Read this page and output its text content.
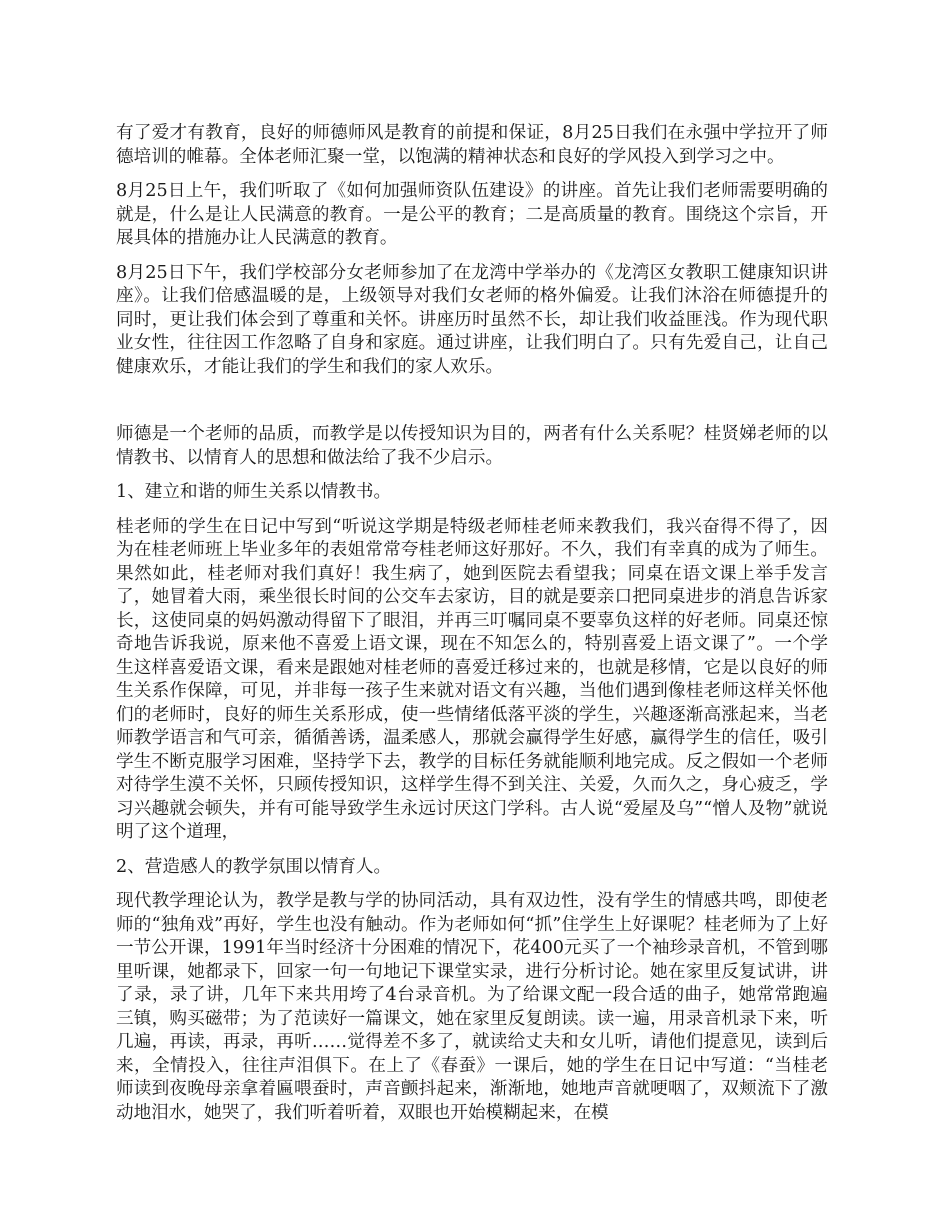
有了爱才有教育，良好的师德师风是教育的前提和保证，8月25日我们在永强中学拉开了师德培训的帷幕。全体老师汇聚一堂，以饱满的精神状态和良好的学风投入到学习之中。

8月25日上午，我们听取了《如何加强师资队伍建设》的讲座。首先让我们老师需要明确的就是，什么是让人民满意的教育。一是公平的教育；二是高质量的教育。围绕这个宗旨，开展具体的措施办让人民满意的教育。

8月25日下午，我们学校部分女老师参加了在龙湾中学举办的《龙湾区女教职工健康知识讲座》。让我们倍感温暖的是，上级领导对我们女老师的格外偏爱。让我们沐浴在师德提升的同时，更让我们体会到了尊重和关怀。讲座历时虽然不长，却让我们收益匪浅。作为现代职业女性，往往因工作忽略了自身和家庭。通过讲座，让我们明白了。只有先爱自己，让自己健康欢乐，才能让我们的学生和我们的家人欢乐。

师德是一个老师的品质，而教学是以传授知识为目的，两者有什么关系呢？桂贤娣老师的以情教书、以情育人的思想和做法给了我不少启示。

1、建立和谐的师生关系以情教书。

桂老师的学生在日记中写到“听说这学期是特级老师桂老师来教我们，我兴奋得不得了，因为在桂老师班上毕业多年的表姐常常夸桂老师这好那好。不久，我们有幸真的成为了师生。果然如此，桂老师对我们真好！我生病了，她到医院去看望我；同桌在语文课上举手发言了，她冒着大雨，乘坐很长时间的公交车去家访，目的就是要亲口把同桌进步的消息告诉家长，这使同桌的妈妈激动得留下了眼泪，并再三叮嘱同桌不要辜负这样的好老师。同桌还惊奇地告诉我说，原来他不喜爱上语文课，现在不知怎么的，特别喜爱上语文课了”。一个学生这样喜爱语文课，看来是跟她对桂老师的喜爱迁移过来的，也就是移情，它是以良好的师生关系作保障，可见，并非每一孩子生来就对语文有兴趣，当他们遇到像桂老师这样关怀他们的老师时，良好的师生关系形成，使一些情绪低落平淡的学生，兴趣逐渐高涨起来，当老师教学语言和气可亲，循循善诱，温柔感人，那就会赢得学生好感，赢得学生的信任，吸引学生不断克服学习困难，坚持学下去，教学的目标任务就能顺利地完成。反之假如一个老师对待学生漠不关怀，只顾传授知识，这样学生得不到关注、关爱，久而久之，身心疲乏，学习兴趣就会顿失，并有可能导致学生永远讨厌这门学科。古人说“爱屋及乌”“憎人及物”就说明了这个道理，

2、营造感人的教学氛围以情育人。

现代教学理论认为，教学是教与学的协同活动，具有双边性，没有学生的情感共鸣，即使老师的“独角戏”再好，学生也没有触动。作为老师如何“抓”住学生上好课呢？桂老师为了上好一节公开课，1991年当时经济十分困难的情况下，花400元买了一个袖珍录音机，不管到哪里听课，她都录下，回家一句一句地记下课堂实录，进行分析讨论。她在家里反复试讲，讲了录，录了讲，几年下来共用垮了4台录音机。为了给课文配一段合适的曲子，她常常跑遍三镇，购买磁带；为了范读好一篇课文，她在家里反复朗读。读一遍，用录音机录下来，听几遍，再读，再录，再听……觉得差不多了，就读给丈夫和女儿听，请他们提意见，读到后来，全情投入，往往声泪俱下。在上了《春蚕》一课后，她的学生在日记中写道：“当桂老师读到夜晚母亲拿着匾喂蚕时，声音颤抖起来，渐渐地，她地声音就哽咽了，双颊流下了激动地泪水，她哭了，我们听着听着，双眼也开始模糊起来，在模
